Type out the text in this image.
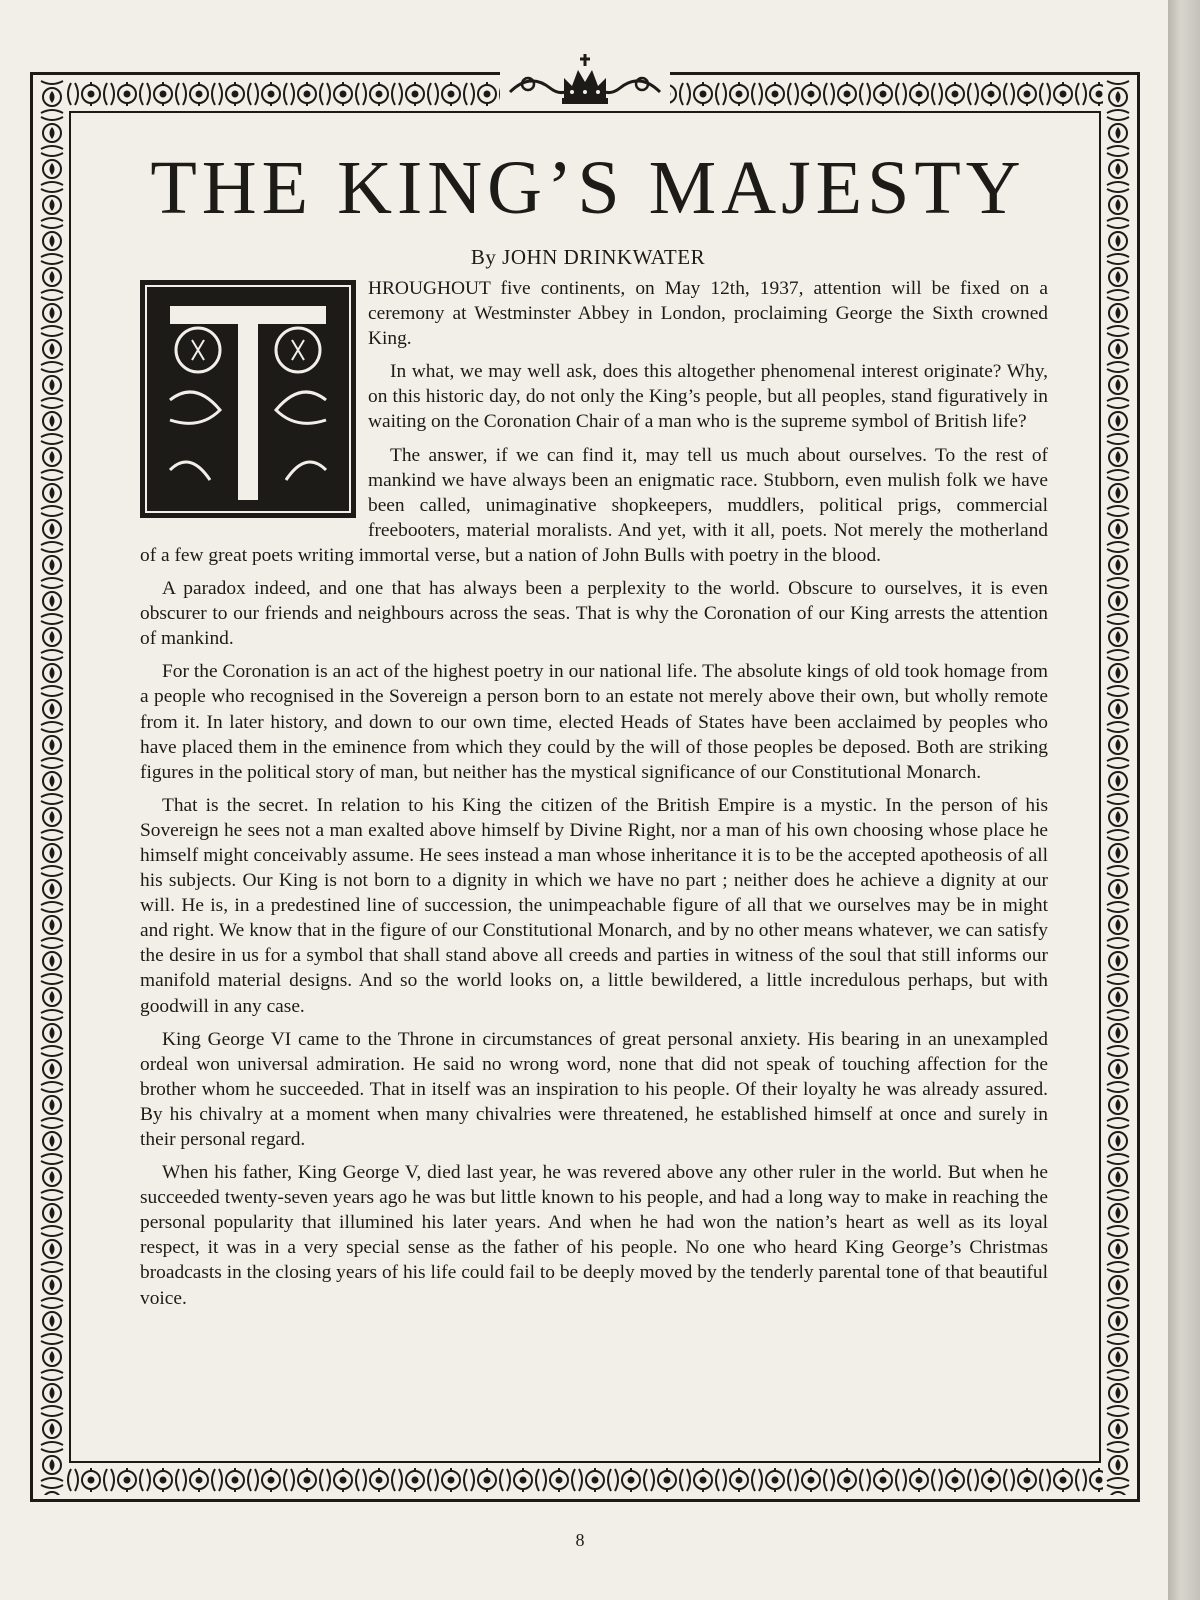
THE KING’S MAJESTY
By JOHN DRINKWATER

HROUGHOUT five continents, on May 12th, 1937, attention will be fixed on a ceremony at Westminster Abbey in London, proclaiming George the Sixth crowned King.

In what, we may well ask, does this altogether phenomenal interest originate? Why, on this historic day, do not only the King’s people, but all peoples, stand figuratively in waiting on the Coronation Chair of a man who is the supreme symbol of British life?

The answer, if we can find it, may tell us much about ourselves. To the rest of mankind we have always been an enigmatic race. Stubborn, even mulish folk we have been called, unimaginative shopkeepers, muddlers, political prigs, commercial freebooters, material moralists. And yet, with it all, poets. Not merely the motherland of a few great poets writing immortal verse, but a nation of John Bulls with poetry in the blood.

A paradox indeed, and one that has always been a perplexity to the world. Obscure to ourselves, it is even obscurer to our friends and neighbours across the seas. That is why the Coronation of our King arrests the attention of mankind.

For the Coronation is an act of the highest poetry in our national life. The absolute kings of old took homage from a people who recognised in the Sovereign a person born to an estate not merely above their own, but wholly remote from it. In later history, and down to our own time, elected Heads of States have been acclaimed by peoples who have placed them in the eminence from which they could by the will of those peoples be deposed. Both are striking figures in the political story of man, but neither has the mystical significance of our Constitutional Monarch.

That is the secret. In relation to his King the citizen of the British Empire is a mystic. In the person of his Sovereign he sees not a man exalted above himself by Divine Right, nor a man of his own choosing whose place he himself might conceivably assume. He sees instead a man whose inheritance it is to be the accepted apotheosis of all his subjects. Our King is not born to a dignity in which we have no part ; neither does he achieve a dignity at our will. He is, in a predestined line of succession, the unimpeachable figure of all that we ourselves may be in might and right. We know that in the figure of our Constitutional Monarch, and by no other means whatever, we can satisfy the desire in us for a symbol that shall stand above all creeds and parties in witness of the soul that still informs our manifold material designs. And so the world looks on, a little bewildered, a little incredulous perhaps, but with goodwill in any case.

King George VI came to the Throne in circumstances of great personal anxiety. His bearing in an unexampled ordeal won universal admiration. He said no wrong word, none that did not speak of touching affection for the brother whom he succeeded. That in itself was an inspiration to his people. Of their loyalty he was already assured. By his chivalry at a moment when many chivalries were threatened, he established himself at once and surely in their personal regard.

When his father, King George V, died last year, he was revered above any other ruler in the world. But when he succeeded twenty-seven years ago he was but little known to his people, and had a long way to make in reaching the personal popularity that illumined his later years. And when he had won the nation’s heart as well as its loyal respect, it was in a very special sense as the father of his people. No one who heard King George’s Christmas broadcasts in the closing years of his life could fail to be deeply moved by the tenderly parental tone of that beautiful voice.

8
